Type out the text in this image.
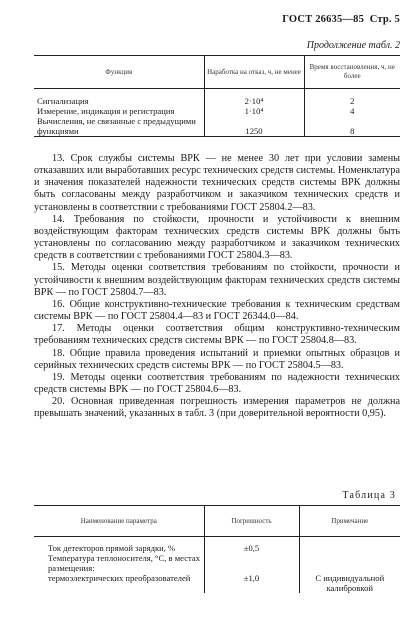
ГОСТ 26635—85 Стр. 5
Продолжение табл. 2
Функция	Наработка на отказ, ч, не менее	Время восстановления, ч, не более

Сигнализация	2·10⁴	2
Измерение, индикация и регистрация	1·10⁴	4
Вычисления, не связанные с предыдущими функциями	1250	8

13. Срок службы системы ВРК — не менее 30 лет при условии замены отказавших или выработавших ресурс технических средств системы. Номенклатура и значения показателей надежности технических средств системы ВРК должны быть согласованы между разработчиком и заказчиком технических средств и установлены в соответствии с требованиями ГОСТ 25804.2—83.

14. Требования по стойкости, прочности и устойчивости к внешним воздействующим факторам технических средств системы ВРК должны быть установлены по согласованию между разработчиком и заказчиком технических средств в соответствии с требованиями ГОСТ 25804.3—83.

15. Методы оценки соответствия требованиям по стойкости, прочности и устойчивости к внешним воздействующим факторам технических средств системы ВРК — по ГОСТ 25804.7—83.

16. Общие конструктивно-технические требования к техническим средствам системы ВРК — по ГОСТ 25804.4—83 и ГОСТ 26344.0—84.

17. Методы оценки соответствия общим конструктивно-техническим требованиям технических средств системы ВРК — по ГОСТ 25804.8—83.

18. Общие правила проведения испытаний и приемки опытных образцов и серийных технических средств системы ВРК — по ГОСТ 25804.5—83.

19. Методы оценки соответствия требованиям по надежности технических средств системы ВРК — по ГОСТ 25804.6—83.

20. Основная приведенная погрешность измерения параметров не должна превышать значений, указанных в табл. 3 (при доверительной вероятности 0,95).

Таблица 3
Наименование параметра	Погрешность	Примечание

Ток детекторов прямой зарядки, %	±0,5	
Температура теплоносителя, °С, в местах размещения:		
термоэлектрических преобразователей	±1,0	С индивидуальной калибровкой
